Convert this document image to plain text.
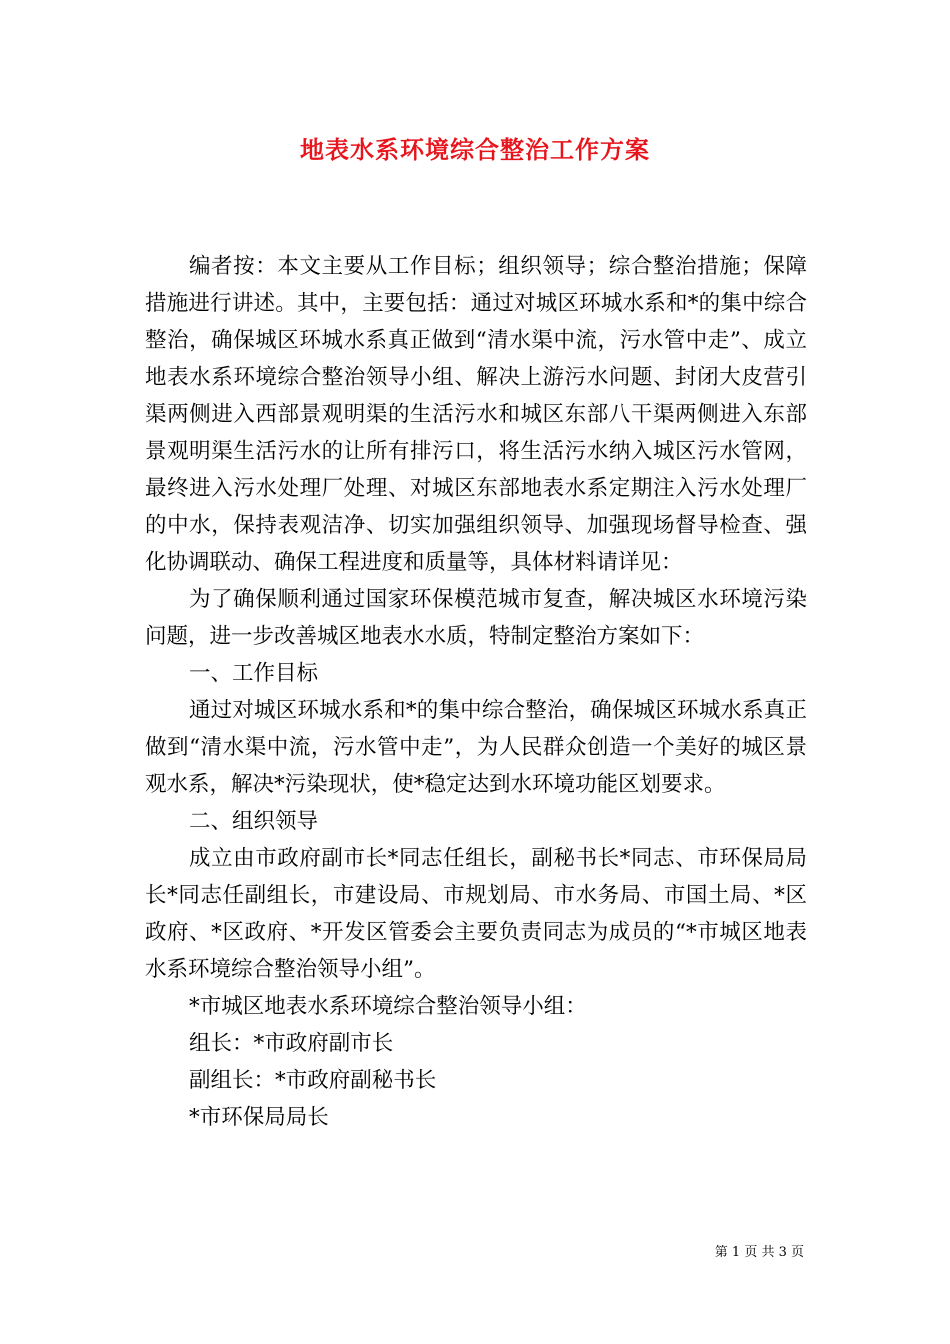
地表水系环境综合整治工作方案

编者按：本文主要从工作目标；组织领导；综合整治措施；保障措施进行讲述。其中，主要包括：通过对城区环城水系和*的集中综合整治，确保城区环城水系真正做到“清水渠中流，污水管中走”、成立地表水系环境综合整治领导小组、解决上游污水问题、封闭大皮营引渠两侧进入西部景观明渠的生活污水和城区东部八干渠两侧进入东部景观明渠生活污水的让所有排污口，将生活污水纳入城区污水管网，最终进入污水处理厂处理、对城区东部地表水系定期注入污水处理厂的中水，保持表观洁净、切实加强组织领导、加强现场督导检查、强化协调联动、确保工程进度和质量等，具体材料请详见：

为了确保顺利通过国家环保模范城市复查，解决城区水环境污染问题，进一步改善城区地表水水质，特制定整治方案如下：

一、工作目标

通过对城区环城水系和*的集中综合整治，确保城区环城水系真正做到“清水渠中流，污水管中走”，为人民群众创造一个美好的城区景观水系，解决*污染现状，使*稳定达到水环境功能区划要求。

二、组织领导

成立由市政府副市长*同志任组长，副秘书长*同志、市环保局局长*同志任副组长，市建设局、市规划局、市水务局、市国土局、*区政府、*区政府、*开发区管委会主要负责同志为成员的“*市城区地表水系环境综合整治领导小组”。

*市城区地表水系环境综合整治领导小组：

组长：*市政府副市长

副组长：*市政府副秘书长

*市环保局局长

第 1 页 共 3 页
